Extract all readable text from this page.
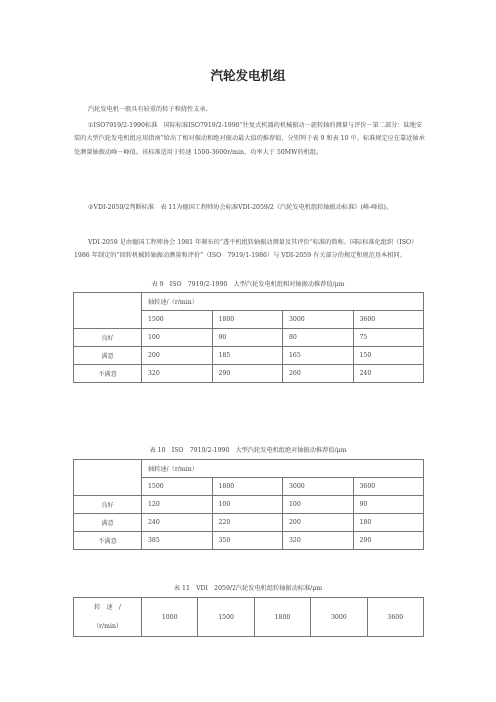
汽轮发电机组

汽轮发电机一般具有较重的转子和挠性支承。

①ISO7919/2-1990标准　国际标准ISO7919/2-1990“往复式机器的机械振动－旋转轴的测量与评价－第二部分：陆地安装的大型汽轮发电机组应用指南”给出了相对振动和绝对振动最大值的推荐值，分别列于表 9 和表 10 中。标准规定应在靠近轴承处测量轴振动峰－峰值。该标准适用于转速 1500-3600r/min、功率大于 50MW的机组。

②VDI-2059/2判断标准　表 11为德国工程师协会标准VDI-2059/2《汽轮发电机组转轴振动标准》(峰-峰值)。

VDI-2059 是由德国工程师协会 1981 年颁布的“透平机组转轴振动测量及其评价”标准的简称。国际标准化组织（ISO）1986 年制定的“回转机械转轴振动测量和评价”（ISO　7919/1-1986）与 VDI-2059 有关部分的规定和规范基本相同。

表 9　ISO　7919/2-1990　大型汽轮发电机组相对轴振动推荐值/μm
	轴转速/（r/min）			
	1500	1800	3000	3600
良好	100	90	80	75
满意	200	185	165	150
不满意	320	290	260	240
表 10　ISO　7919/2-1990　大型汽轮发电机组绝对轴振动推荐值/μm
	轴转速/（r/min）			
	1500	1800	3000	3600
良好	120	100	100	90
满意	240	220	200	180
不满意	385	350	320	290
表 11　VDI　2059/2汽轮发电机组转轴振动标准/μm
转　速　/
（r/min）
	1000	1500	1800	3000	3600
